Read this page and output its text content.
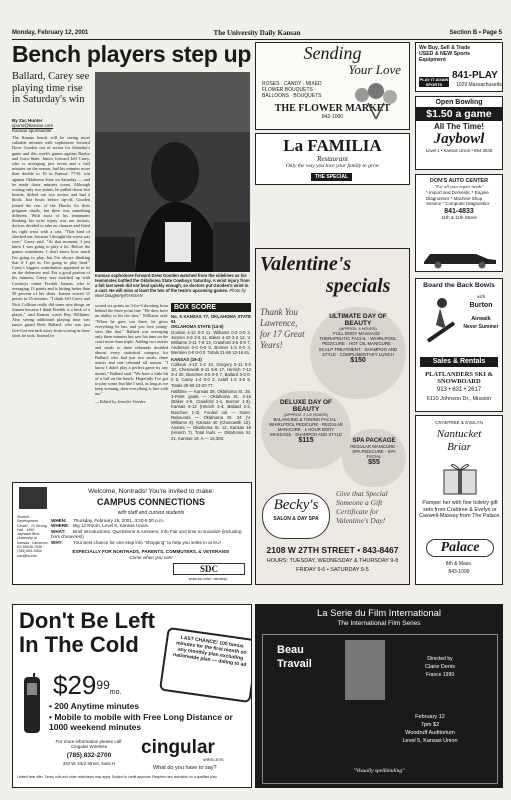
Monday, February 12, 2001	The University Daily Kansan	Section B • Page 5
Bench players step up
Ballard, Carey see playing time rise in Saturday's win
By Zac Hunter
sports@kansan.com
Kansan sportswriter
The Kansas bench will be seeing more valuable minutes with sophomore forward Drew Gooden out of action for Saturday's game and this week's games against Baylor and Iowa State. Junior forward Jeff Carey, who is averaging just seven and a half minutes on the season, had his minutes more than double to 16 in Kansas' 77-61 win against Oklahoma State on Saturday — and he made those minutes count. Although scoring only two points, he pulled down five boards, dished out two assists and had a block. Just hours before tip-off, Gooden joined the rest of the Hawks for their pregame rituals, but there was something different. With most of his teammates thinking his wrist injury was not serious, doctors decided to take no chances and fitted his right wrist with a cast. "That kind of shocked me, because I thought the worst was over," Carey said. "At that moment, I just knew I was going to play a lot. Before the games sometimes, I don't know how much I'm going to play, but I'm always thinking that if I get in, I'm going to play hard." Carey's biggest contribution appeared to be on the defensive end. For a good portion of his minutes, Carey was matched up with Cowboys center Fredrik Jonzen, who is averaging 13 points and is hitting better than 50 percent of his shots. Jonzen scored 11 points in 35 minutes. "I think Jeff Carey and Nick Collison really did some nice things on Jonzen because I think Fredrik is a heck of a player," said Kansas coach Roy Williams. Also seeing additional playing time was junior guard Brett Ballard, who was just five-foot-ten inch away from scoring in three shots he took. Instead he
Kansas sophomore forward Drew Gooden watched from the sidelines as his teammates battled the Oklahoma State Cowboys Saturday. A wrist injury from a fall last week did not heal quickly enough, so doctors put Gooden's wrist in a cast. He will miss at least the two of the team's upcoming games. Photo by Noel Dougherty/KANSAN
scored six points on 3-for-3 shooting from behind the three-point line. "He does have an ability to hit the shot," Williams said. "When he goes out there, he gives everything he has, and you love young-sters like that." Ballard was averaging only three minutes but saw his time on the court more than triple. Adding two assists and steals to three rebounds doubled almost every statistical category for Ballard, who had just two steals, three assists and one rebound all season. "I know I didn't play a perfect game by any means," Ballard said. "We have a little bit of a lull on the bench. Hopefully I've got to play some, but like I said, as long as we keep winning, then everything is fine with me."
— Edited by Jennifer Voiedes
BOX SCORE
No. 5 KANSAS 77, OKLAHOMA STATE 61
OKLAHOMA STATE (14-6)
Gordon 4-12 0-0 11, Williams 0-2 0-0 2, Jonzen 4-9 3-5 11, Baker 4-10 2-2 12, V. Williams 3-11 7-8 13, Crawford 3-6 0-0 7, Anderson 0-0 0-0 0, Bonner 1-3 0-0 3, Wernlen 0-0 0-0 0. Totals 21-55 12-16 61.
KANSAS (19-3)
Collison 4-10 2-2 10, Gregory 5-11 0-0 10, Chenowith 5-11 5-8 17, Hinrich 7-12 3-4 20, Boschee 3-5 0-0 7, Ballard 3-3 0-0 6, Carey 1-4 0-0 2, Axtell 1-3 3-5 5. Totals 29-59 13-20 77.
Halftime — Kansas 39, Oklahoma St. 25. 3-Point goals — Oklahoma St. 4-16 (Baker 2-6, Crawford 1-1, Bonner 1-3), Kansas 6-12 (Hinrich 3-4, Ballard 2-2, Boschee 1-3). Fouled out — None. Rebounds — Oklahoma St. 34 (V. Williams 9), Kansas 40 (Chenowith 12). Assists — Oklahoma St. 12, Kansas 19 (Hinrich 7). Total fouls — Oklahoma St. 21, Kansas 19. A — 16,300.
Sending
Your Love
ROSES · CANDY · MIXED FLOWER BOUQUETS · BALLOONS · BOUQUETS
THE FLOWER MARKET
842-1000
La FAMILIA
Restaurant
Only the way you love your family to grow
THE SPECIAL
We Buy, Sell & Trade USED & NEW Sports Equipment
PLAY IT AGAIN SPORTS
841-PLAY
1029 Massachusetts
Open Bowling
$1.50 a game
All The Time!
Jaybowl
Level 1 • Kansas Union • 864-3545
DON'S AUTO CENTER
"For all your repair needs"
* Import and Domestic * Engine Diagnostics * Machine Shop Service * Computer Diagnostics
841-4833
11th & 11th Street
Board the Back Bowls
with
Burton
Airwalk
Never Summer
Sales & Rentals
PLATLANDERS SKI & SNOWBOARD
913 • 831 • 2617
6110 Johnson Dr., Mission
Valentine's
specials
Thank You Lawrence, for 17 Great Years!
ULTIMATE DAY OF BEAUTY
(APPROX. 4 HOURS)
FULL BODY MASSAGE · THERAPEUTIC FACIAL · WHIRLPOOL PEDICURE · HOT OIL MANICURE · SCALP TREATMENT · SHAMPOO AND STYLE · COMPLIMENTARY LUNCH
$150
DELUXE DAY OF BEAUTY
(APPROX. 2 1/2 HOURS)
BALANCING & TONING FACIAL · WHIRLPOOL PEDICURE · REGULAR MANICURE · 1 HOUR BODY MASSAGE · SHAMPOO AND STYLE
$115	SPA PACKAGE
REGULAR MANICURE · SPA PEDICURE · SPA FACIAL
$55
Becky's
SALON & DAY SPA
Give that Special Someone a Gift Certificate for Valentine's Day!
2108 W 27TH STREET • 843-8467
HOURS: TUESDAY, WEDNESDAY & THURSDAY 9-8
FRIDAY 9-6 • SATURDAY 9-5
CRABTREE & EVELYN
Nantucket Briar
Pamper her with fine toiletry gift sets from Crabtree & Evelyn or Caswell-Massey from The Palace.
Palace
8th & Mass.
843-1099
Welcome, Nontrads! You're invited to make:
CAMPUS CONNECTIONS
with staff and current students
WHEN: Thursday, February 15, 2001, 3:30-5:00 p.m.
WHERE: Big 12 Room, Level 6, Kansas Union
WHAT: Brief introductions, Quickstone & Answers, Info Fair and time to socialize (including hors d'oeuvres!)
WHY: Your best chance for one-stop info "shopping" to help you settle in at KU!
ESPECIALLY FOR NONTRADS, PARENTS, COMMUTERS, & VETERANS!
Come when you can!
Student Development Center · 22 Strong Hall · 1450 Jayhawk Blvd. · University of Kansas · Lawrence, KS 66045-7535 · (785) 864-4064 · sdc@ku.edu
SDC
www.ku.edu/~develop
Don't Be Left
In The Cold	LAST CHANCE! 100 bonus minutes for the first month on any monthly plan excluding nationwide plan — dating to ad
$\$29^{99}mo$.
• 200 Anytime minutes
• Mobile to mobile with Free Long Distance or 1000 weekend minutes
For more information please call: Cingular Wireless
(785) 832-2700
333 W. 23rd Street, Suite H
cingular
WIRELESS
What do you have to say?
Limited time offer. Taxes, tolls and other restrictions may apply. Subject to credit approval. Requires new activation on a qualified plan.
La Serie du Film International
The International Film Series
Beau
Travail	Directed by
Claire Denis
France 1999
February 12
7pm $2
Woodruff Auditorium
Level 5, Kansas Union
"Visually spellbinding"
